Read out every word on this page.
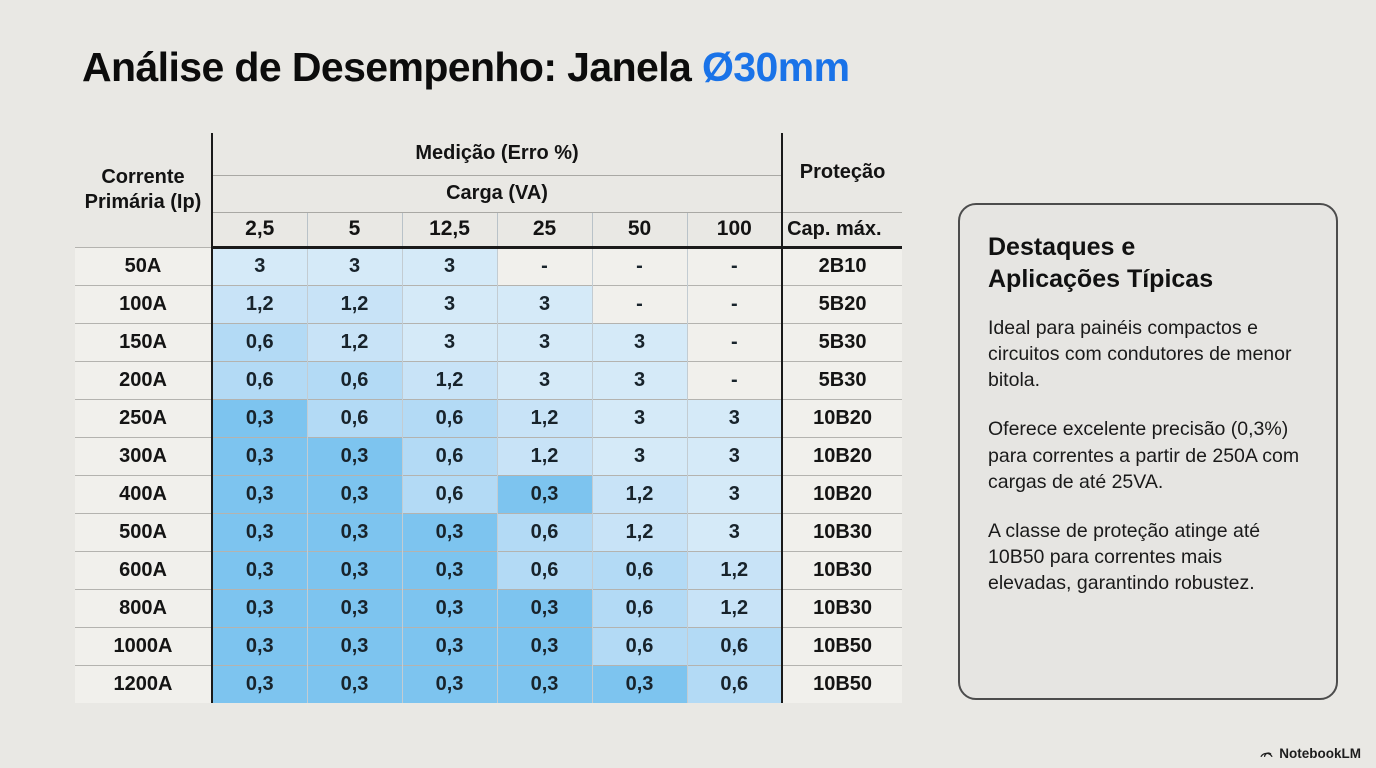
Análise de Desempenho: Janela Ø30mm
Corrente Primária (Ip)	Medição (Erro %)						Proteção
	Carga (VA)						
	2,5	5	12,5	25	50	100	Cap. máx.
50A	3	3	3	-	-	-	2B10
100A	1,2	1,2	3	3	-	-	5B20
150A	0,6	1,2	3	3	3	-	5B30
200A	0,6	0,6	1,2	3	3	-	5B30
250A	0,3	0,6	0,6	1,2	3	3	10B20
300A	0,3	0,3	0,6	1,2	3	3	10B20
400A	0,3	0,3	0,6	0,3	1,2	3	10B20
500A	0,3	0,3	0,3	0,6	1,2	3	10B30
600A	0,3	0,3	0,3	0,6	0,6	1,2	10B30
800A	0,3	0,3	0,3	0,3	0,6	1,2	10B30
1000A	0,3	0,3	0,3	0,3	0,6	0,6	10B50
1200A	0,3	0,3	0,3	0,3	0,3	0,6	10B50
Destaques e
Aplicações Típicas
Ideal para painéis compactos e circuitos com condutores de menor bitola.
Oferece excelente precisão (0,3%) para correntes a partir de 250A com cargas de até 25VA.
A classe de proteção atinge até 10B50 para correntes mais elevadas, garantindo robustez.
NotebookLM
